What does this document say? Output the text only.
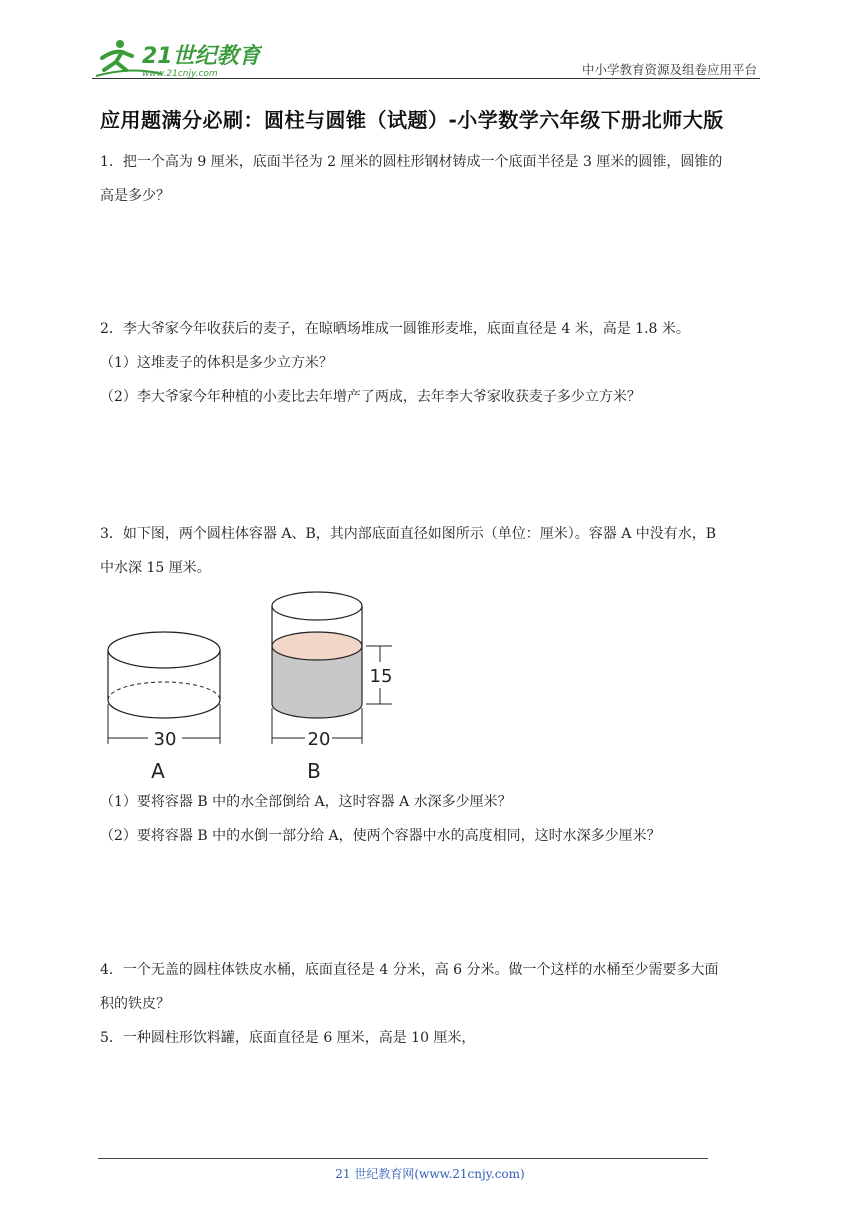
21世纪教育
www.21cnjy.com	中小学教育资源及组卷应用平台
应用题满分必刷：圆柱与圆锥（试题）-小学数学六年级下册北师大版
1．把一个高为 9 厘米，底面半径为 2 厘米的圆柱形钢材铸成一个底面半径是 3 厘米的圆锥，圆锥的
高是多少？
2．李大爷家今年收获后的麦子，在晾晒场堆成一圆锥形麦堆，底面直径是 4 米，高是 1.8 米。
（1）这堆麦子的体积是多少立方米？
（2）李大爷家今年种植的小麦比去年增产了两成，去年李大爷家收获麦子多少立方米？
3．如下图，两个圆柱体容器 A、B，其内部底面直径如图所示（单位：厘米）。容器 A 中没有水，B
中水深 15 厘米。
30
A
20
15
B
（1）要将容器 B 中的水全部倒给 A，这时容器 A 水深多少厘米？
（2）要将容器 B 中的水倒一部分给 A，使两个容器中水的高度相同，这时水深多少厘米？
4．一个无盖的圆柱体铁皮水桶，底面直径是 4 分米，高 6 分米。做一个这样的水桶至少需要多大面
积的铁皮？
5．一种圆柱形饮料罐，底面直径是 6 厘米，高是 10 厘米，
21 世纪教育网(www.21cnjy.com)
